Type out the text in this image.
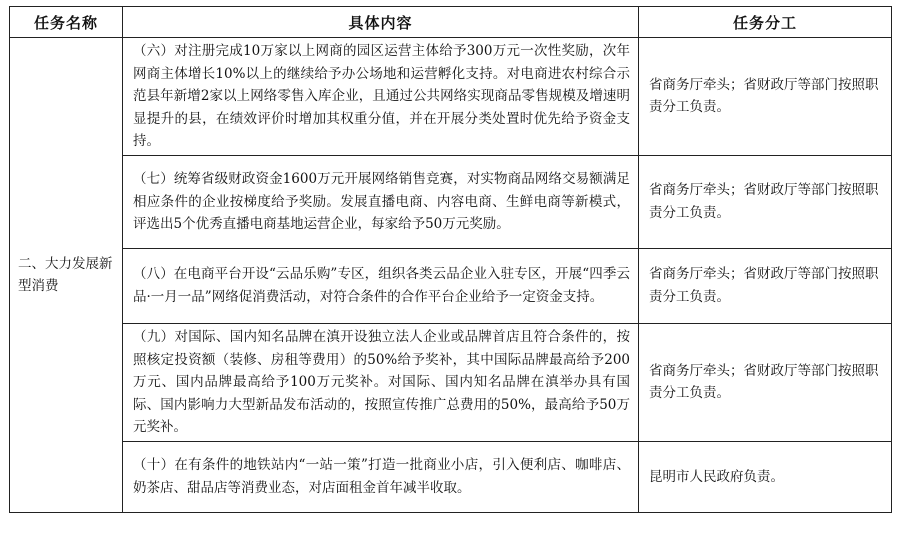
任务名称	具体内容	任务分工
二、大力发展新型消费	（六）对注册完成10万家以上网商的园区运营主体给予300万元一次性奖励，次年网商主体增长10%以上的继续给予办公场地和运营孵化支持。对电商进农村综合示范县年新增2家以上网络零售入库企业，且通过公共网络实现商品零售规模及增速明显提升的县，在绩效评价时增加其权重分值，并在开展分类处置时优先给予资金支持。	省商务厅牵头；省财政厅等部门按照职责分工负责。
	（七）统筹省级财政资金1600万元开展网络销售竞赛，对实物商品网络交易额满足相应条件的企业按梯度给予奖励。发展直播电商、内容电商、生鲜电商等新模式，评选出5个优秀直播电商基地运营企业，每家给予50万元奖励。	省商务厅牵头；省财政厅等部门按照职责分工负责。
	（八）在电商平台开设“云品乐购”专区，组织各类云品企业入驻专区，开展“四季云品·一月一品”网络促消费活动，对符合条件的合作平台企业给予一定资金支持。	省商务厅牵头；省财政厅等部门按照职责分工负责。
	（九）对国际、国内知名品牌在滇开设独立法人企业或品牌首店且符合条件的，按照核定投资额（装修、房租等费用）的50%给予奖补，其中国际品牌最高给予200万元、国内品牌最高给予100万元奖补。对国际、国内知名品牌在滇举办具有国际、国内影响力大型新品发布活动的，按照宣传推广总费用的50%，最高给予50万元奖补。	省商务厅牵头；省财政厅等部门按照职责分工负责。
	（十）在有条件的地铁站内“一站一策”打造一批商业小店，引入便利店、咖啡店、奶茶店、甜品店等消费业态，对店面租金首年减半收取。	昆明市人民政府负责。
